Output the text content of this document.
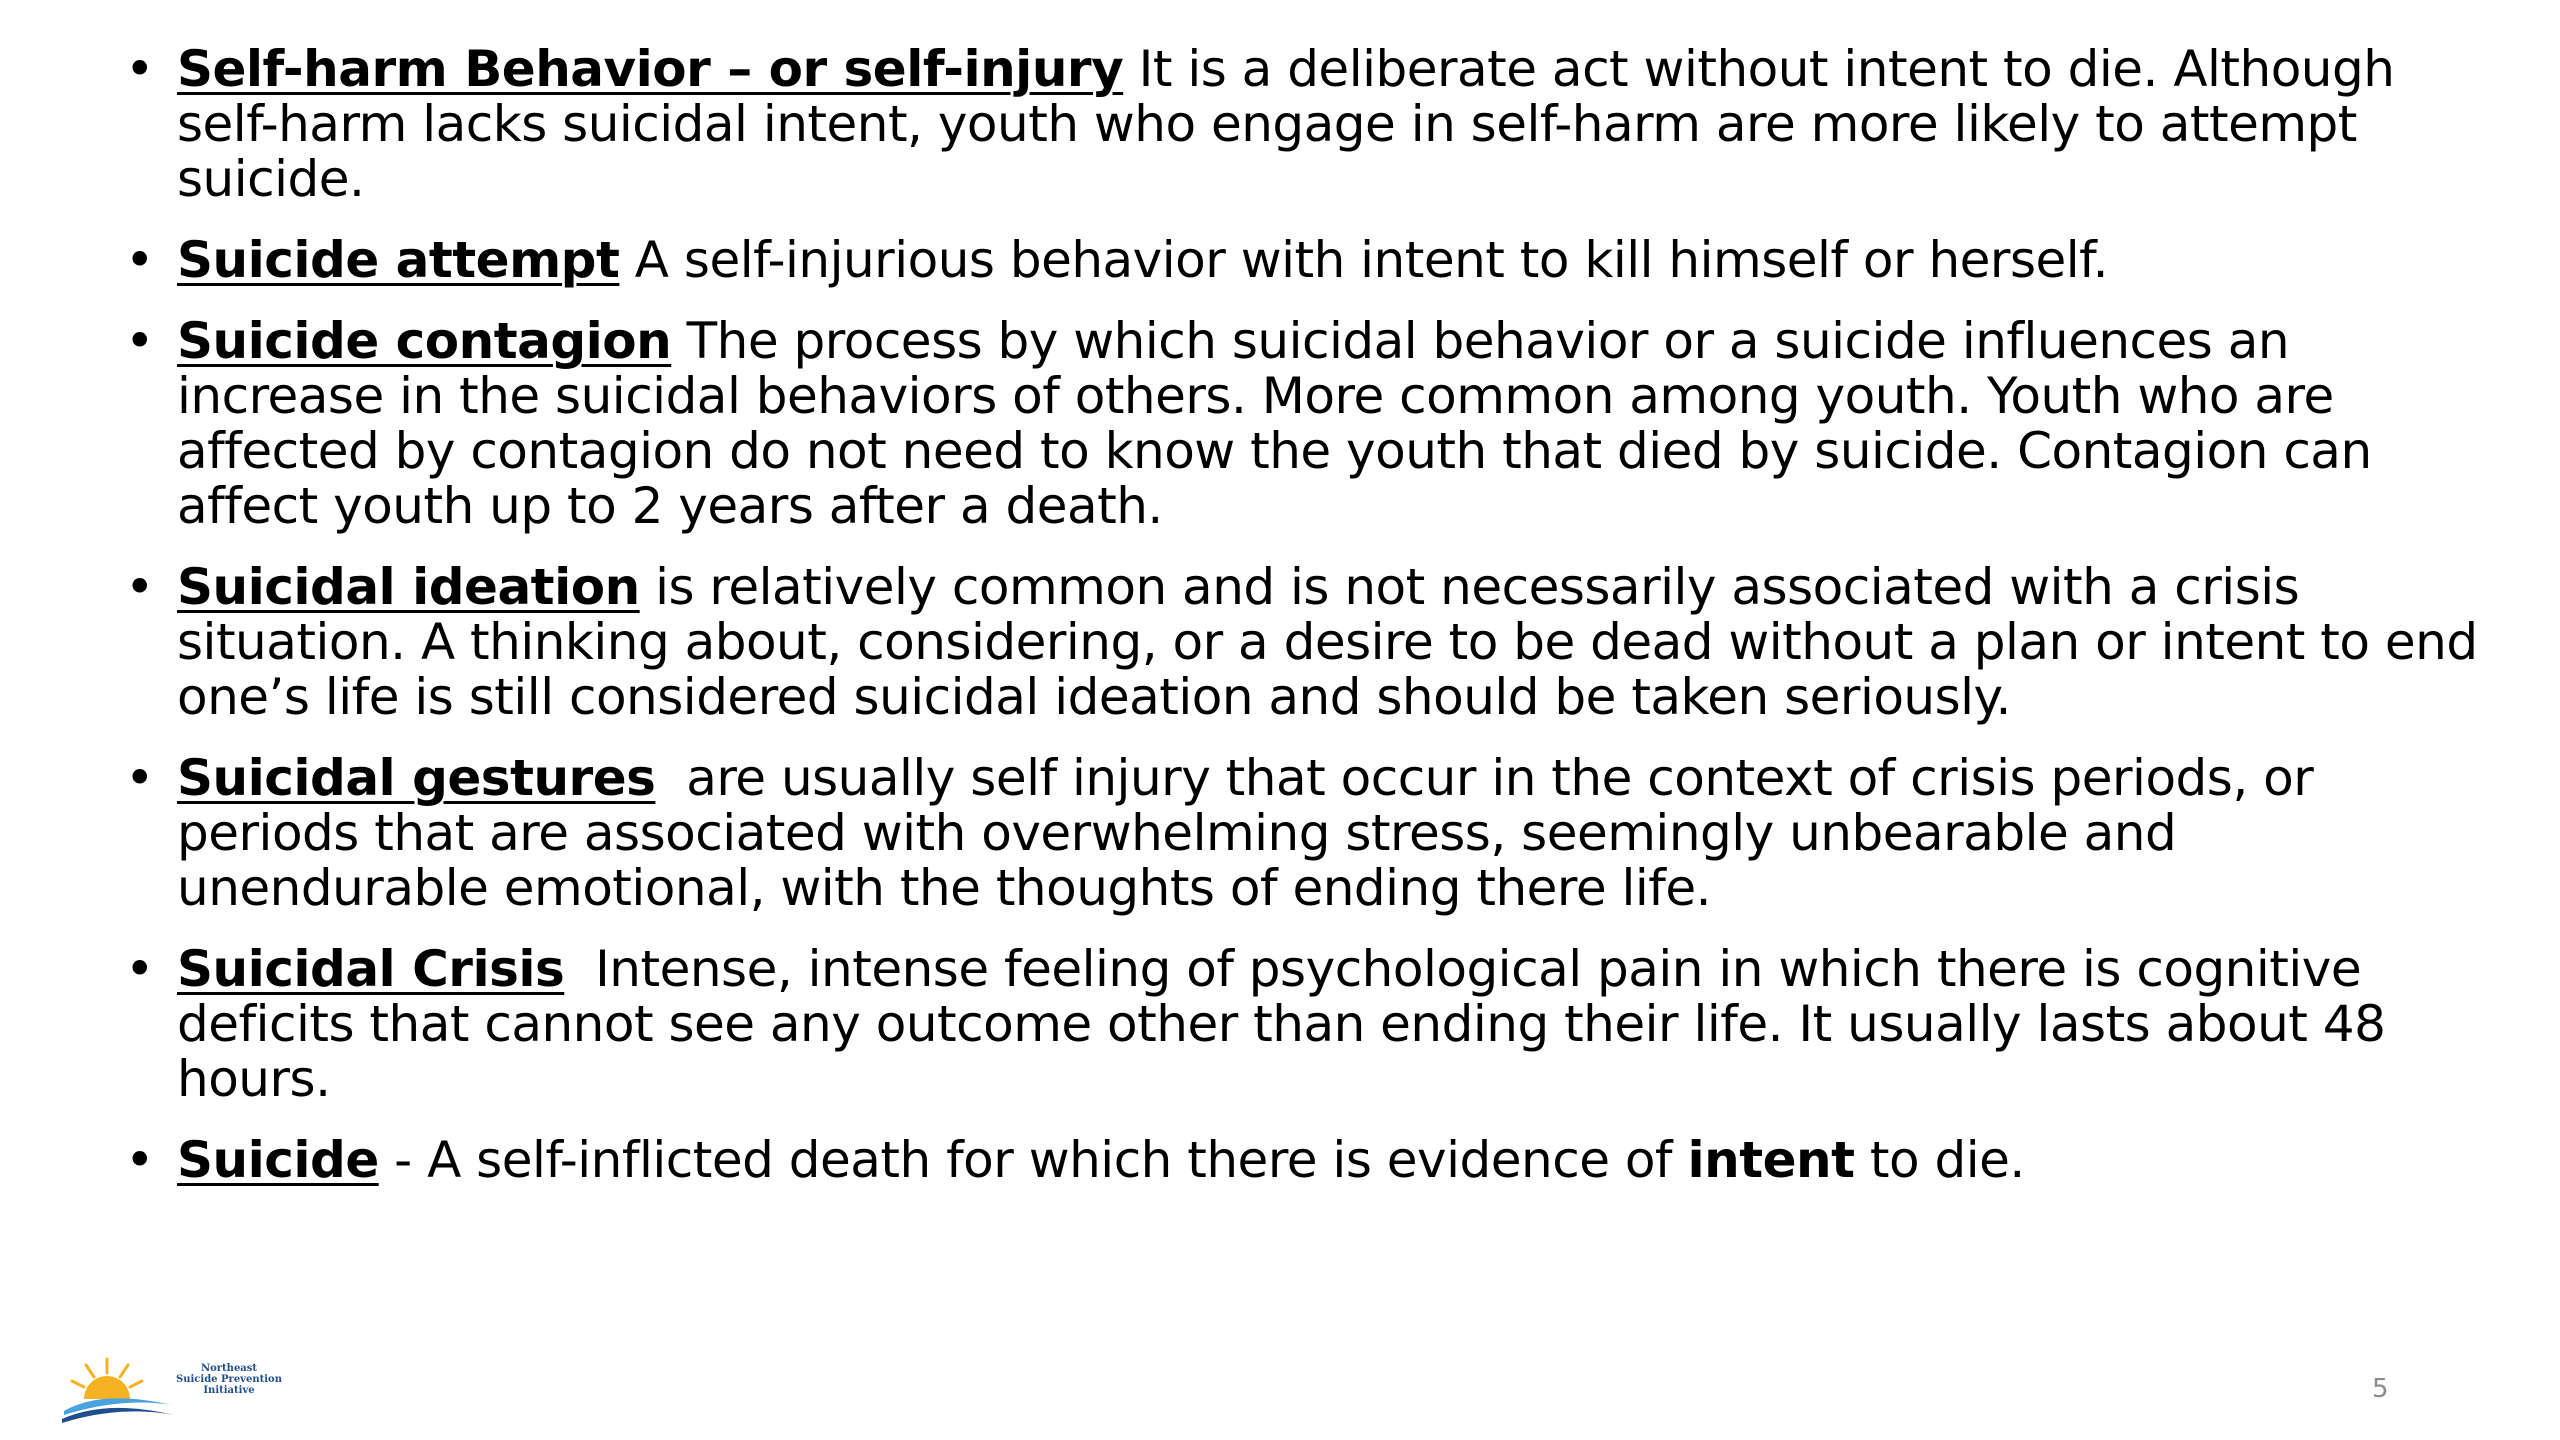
• Self-harm Behavior – or self-injury It is a deliberate act without intent to die. Although self-harm lacks suicidal intent, youth who engage in self-harm are more likely to attempt suicide.
• Suicide attempt A self-injurious behavior with intent to kill himself or herself.
• Suicide contagion The process by which suicidal behavior or a suicide influences an increase in the suicidal behaviors of others. More common among youth. Youth who are affected by contagion do not need to know the youth that died by suicide. Contagion can affect youth up to 2 years after a death.
• Suicidal ideation is relatively common and is not necessarily associated with a crisis situation. A thinking about, considering, or a desire to be dead without a plan or intent to end one’s life is still considered suicidal ideation and should be taken seriously.
• Suicidal gestures are usually self injury that occur in the context of crisis periods, or periods that are associated with overwhelming stress, seemingly unbearable and unendurable emotional, with the thoughts of ending there life.
• Suicidal Crisis Intense, intense feeling of psychological pain in which there is cognitive deficits that cannot see any outcome other than ending their life. It usually lasts about 48 hours.
• Suicide - A self-inflicted death for which there is evidence of intent to die.
Northeast
Suicide Prevention
Initiative	5
